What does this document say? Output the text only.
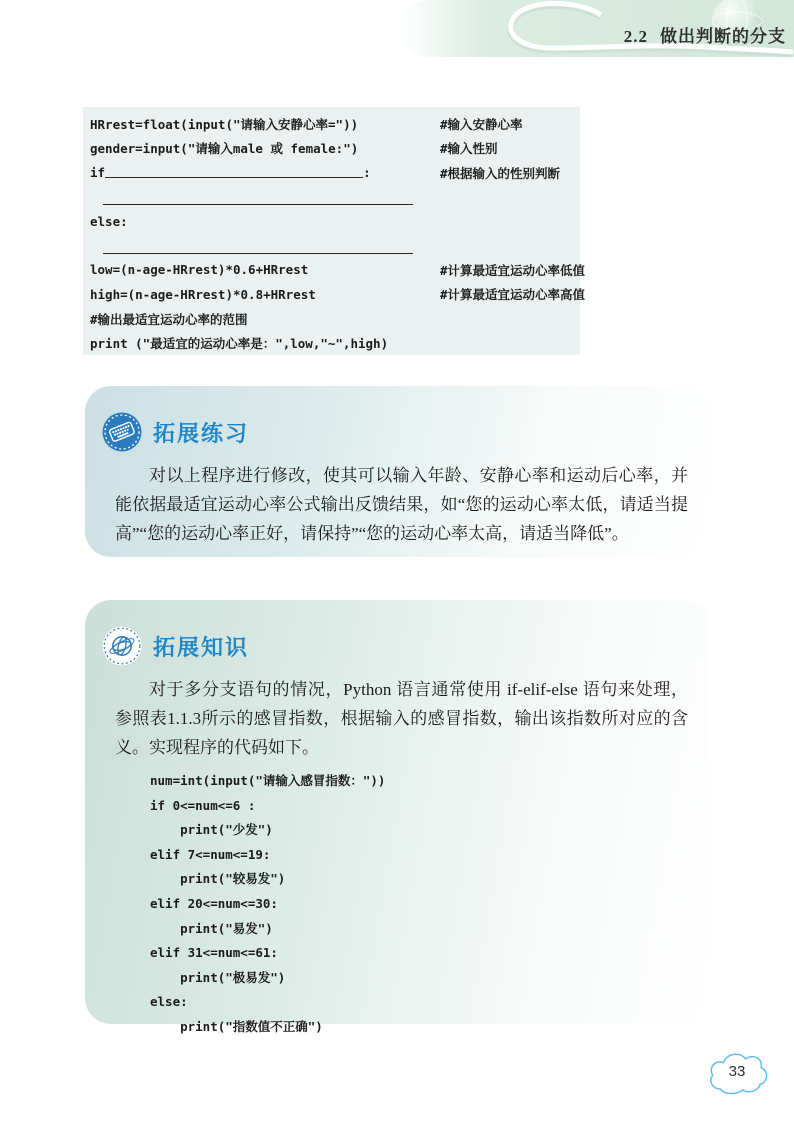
2.2 做出判断的分支
HRrest=float(input("请输入安静心率="))	#输入安静心率
gender=input("请输入male 或 female:")	#输入性别
if	:	#根据输入的性别判断
else:
low=(n-age-HRrest)*0.6+HRrest	#计算最适宜运动心率低值
high=(n-age-HRrest)*0.8+HRrest	#计算最适宜运动心率高值
#输出最适宜运动心率的范围
print ("最适宜的运动心率是：",low,"~",high)
拓展练习

对以上程序进行修改，使其可以输入年龄、安静心率和运动后心率，并能依据最适宜运动心率公式输出反馈结果，如“您的运动心率太低，请适当提高”“您的运动心率正好，请保持”“您的运动心率太高，请适当降低”。

拓展知识

对于多分支语句的情况，Python 语言通常使用 if-elif-else 语句来处理，参照表1.1.3所示的感冒指数，根据输入的感冒指数，输出该指数所对应的含义。实现程序的代码如下。

num=int(input("请输入感冒指数："))
if 0<=num<=6 :
print("少发")
elif 7<=num<=19:
print("较易发")
elif 20<=num<=30:
print("易发")
elif 31<=num<=61:
print("极易发")
else:
print("指数值不正确")
33
